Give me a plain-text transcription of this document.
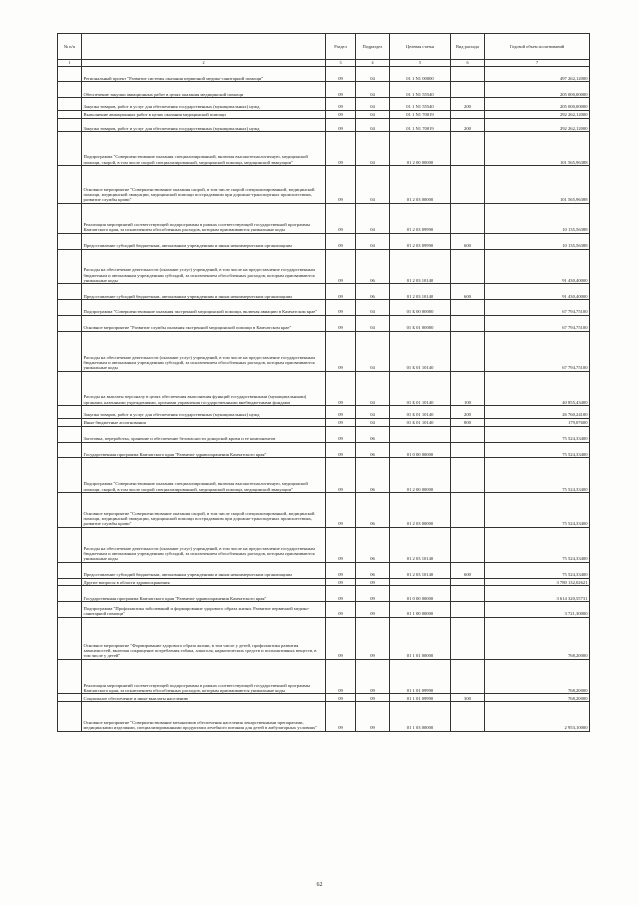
№ п/п		Раздел	Подраздел	Целевая статья	Вид расхода	Годовой объем ассигнований
1	2	3	4	5	6	7
	Региональный проект "Развитие системы оказания первичной медико-санитарной помощи"	09	04	01 1 N1 00000		497 262,12000
	Обеспечение закупки авиационных работ в целях оказания медицинской помощи	09	04	01 1 N1 55540		205 000,00000
	Закупка товаров, работ и услуг для обеспечения государственных (муниципальных) нужд	09	04	01 1 N1 55540	200	205 000,00000
	Выполнение авиационных работ в целях оказания медицинской помощи	09	04	01 1 N1 70019		292 262,12000
	Закупка товаров, работ и услуг для обеспечения государственных (муниципальных) нужд	09	04	01 1 N1 70019	200	292 262,12000
	Подпрограмма "Совершенствование оказания специализированной, включая высокотехнологичную, медицинской помощи, скорой, в том числе скорой специализированной, медицинской помощи, медицинской эвакуации"	09	04	01 2 00 00000		101 565,96388
	Основное мероприятие "Совершенствование оказания скорой, в том числе скорой специализированной, медицинской помощи, медицинской эвакуации, медицинской помощи пострадавшим при дорожно-транспортных происшествиях, развитие службы крови"	09	04	01 2 03 00000		101 565,96388
	Реализация мероприятий соответствующей подпрограммы в рамках соответствующей государственной программы Камчатского края, за исключением обособленных расходов, которым присваиваются уникальные коды	09	04	01 2 03 09990		10 135,56388
	Предоставление субсидий бюджетным, автономным учреждениям и иным некоммерческим организациям	09	04	01 2 03 09990	600	10 135,56388
	Расходы на обеспечение деятельности (оказание услуг) учреждений, в том числе на предоставление государственным бюджетным и автономным учреждениям субсидий, за исключением обособленных расходов, которым присваиваются уникальные коды	09	06	01 2 03 10140		91 430,40000
	Предоставление субсидий бюджетным, автономным учреждениям и иным некоммерческим организациям	09	06	01 2 03 10140	600	91 430,40000
	Подпрограмма "Совершенствование оказания экстренной медицинской помощи, включая авиацию в Камчатском крае"	09	04	01 Б 00 00000		67 794,75100
	Основное мероприятие "Развитие службы оказания экстренной медицинской помощи в Камчатском крае"	09	04	01 Б 01 00000		67 794,75100
	Расходы на обеспечение деятельности (оказание услуг) учреждений, в том числе на предоставление государственным бюджетным и автономным учреждениям субсидий, за исключением обособленных расходов, которым присваиваются уникальные коды	09	04	01 Б 01 10140		67 794,75100
	Расходы на выплаты персоналу в целях обеспечения выполнения функций государственными (муниципальными) органами, казенными учреждениями, органами управления государственными внебюджетными фондами	09	04	01 Б 01 10140	100	40 855,43400
	Закупка товаров, работ и услуг для обеспечения государственных (муниципальных) нужд	09	04	01 Б 01 10140	200	26 760,24100
	Иные бюджетные ассигнования	09	04	01 Б 01 10140	800	179,07600
	Заготовка, переработка, хранение и обеспечение безопасности донорской крови и ее компонентов	09	06			75 524,33400
	Государственная программа Камчатского края "Развитие здравоохранения Камчатского края"	09	06	01 0 00 00000		75 524,33400
	Подпрограмма "Совершенствование оказания специализированной, включая высокотехнологичную, медицинской помощи, скорой, в том числе скорой специализированной, медицинской помощи, медицинской эвакуации"	09	06	01 2 00 00000		75 524,33400
	Основное мероприятие "Совершенствование оказания скорой, в том числе скорой специализированной, медицинской помощи, медицинской эвакуации, медицинской помощи пострадавшим при дорожно-транспортных происшествиях, развитие службы крови"	09	06	01 2 03 00000		75 524,33400
	Расходы на обеспечение деятельности (оказание услуг) учреждений, в том числе на предоставление государственным бюджетным и автономным учреждениям субсидий, за исключением обособленных расходов, которым присваиваются уникальные коды	09	06	01 2 03 10140		75 524,33400
	Предоставление субсидий бюджетным, автономным учреждениям и иным некоммерческим организациям	09	06	01 2 03 10140	600	75 524,33400
	Другие вопросы в области здравоохранения	09	09			3 780 132,02621
	Государственная программа Камчатского края "Развитие здравоохранения Камчатского края"	09	09	01 0 00 00000		3 614 320,55731
	Подпрограмма "Профилактика заболеваний и формирование здорового образа жизни. Развитие первичной медико-санитарной помощи"	09	09	01 1 00 00000		3 721,30000
	Основное мероприятие "Формирование здорового образа жизни, в том числе у детей, профилактика развития зависимостей, включая сокращение потребления табака, алкоголя, наркотических средств и психоактивных веществ, в том числе у детей"	09	09	01 1 01 00000		768,20000
	Реализация мероприятий соответствующей подпрограммы в рамках соответствующей государственной программы Камчатского края, за исключением обособленных расходов, которым присваиваются уникальные коды	09	09	01 1 01 09990		768,20000
	Социальное обеспечение и иные выплаты населению	09	09	01 1 01 09990	300	768,20000
	Основное мероприятие "Совершенствование механизмов обеспечения населения лекарственными препаратами, медицинскими изделиями, специализированными продуктами лечебного питания для детей в амбулаторных условиях"	09	09	01 1 03 00000		2 953,10000
62
